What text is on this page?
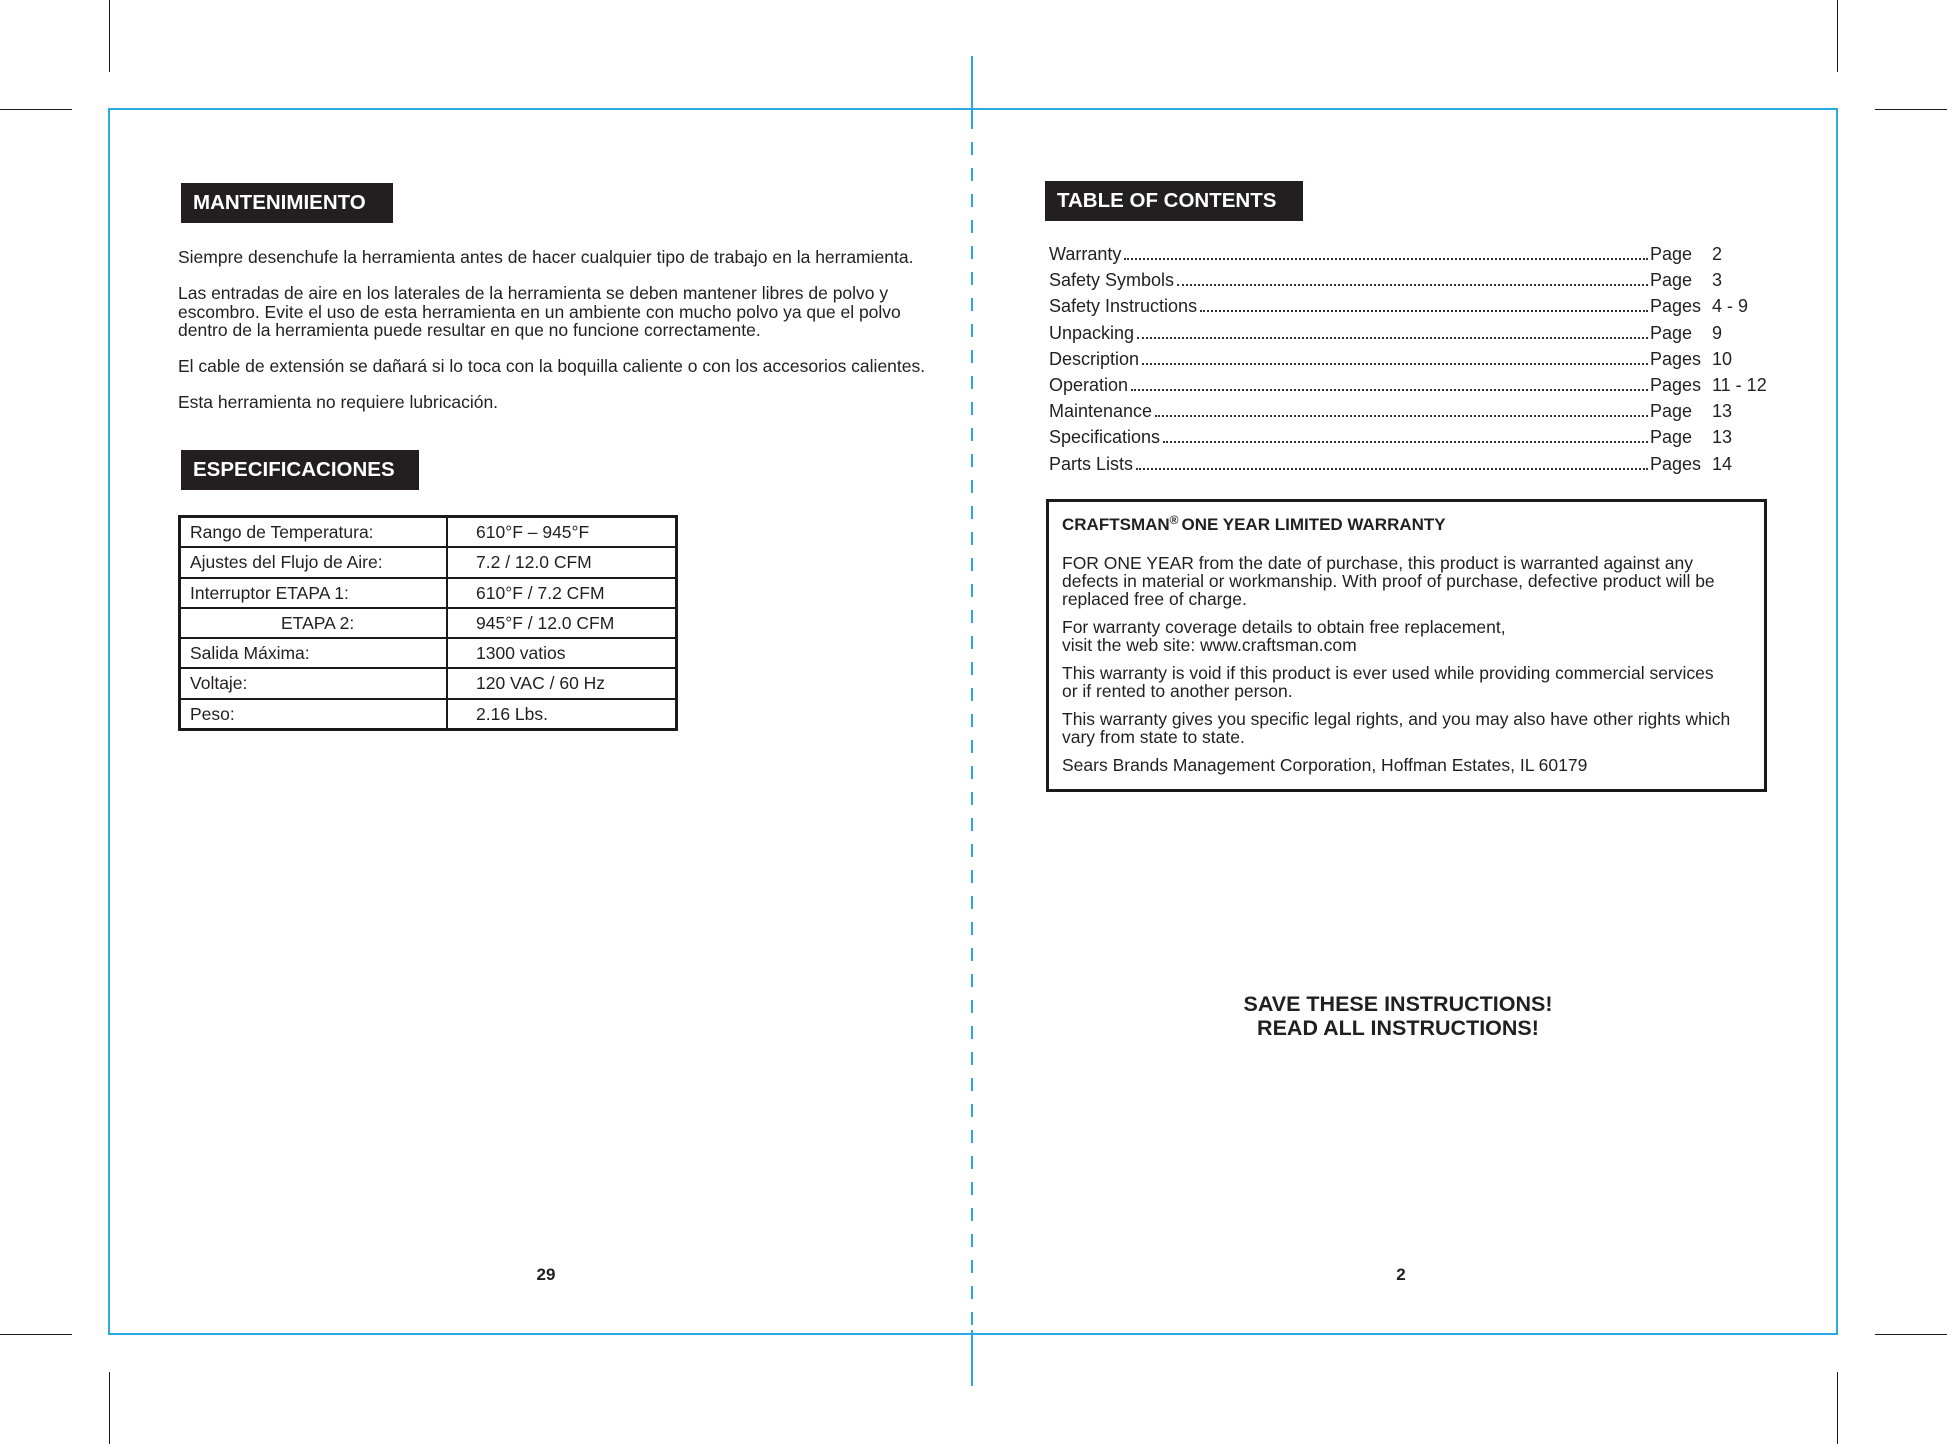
MANTENIMIENTO
Siempre desenchufe la herramienta antes de hacer cualquier tipo de trabajo en la herramienta.
Las entradas de aire en los laterales de la herramienta se deben mantener libres de polvo y
escombro. Evite el uso de esta herramienta en un ambiente con mucho polvo ya que el polvo
dentro de la herramienta puede resultar en que no funcione correctamente.
El cable de extensión se dañará si lo toca con la boquilla caliente o con los accesorios calientes.
Esta herramienta no requiere lubricación.
ESPECIFICACIONES
Rango de Temperatura:	610°F – 945°F
Ajustes del Flujo de Aire:	7.2 / 12.0 CFM
Interruptor ETAPA 1:	610°F / 7.2 CFM
ETAPA 2:	945°F / 12.0 CFM
Salida Máxima:	1300 vatios
Voltaje:	120 VAC / 60 Hz
Peso:	2.16 Lbs.
29
TABLE OF CONTENTS
Warranty	Page	2
Safety Symbols	Page	3
Safety Instructions	Pages 4 - 9
Unpacking	Page	9
Description	Pages 10
Operation	Pages 11 - 12
Maintenance	Page	13
Specifications	Page	13
Parts Lists	Pages 14
CRAFTSMAN® ONE YEAR LIMITED WARRANTY
FOR ONE YEAR from the date of purchase, this product is warranted against any
defects in material or workmanship. With proof of purchase, defective product will be
replaced free of charge.
For warranty coverage details to obtain free replacement,
visit the web site: www.craftsman.com
This warranty is void if this product is ever used while providing commercial services
or if rented to another person.
This warranty gives you specific legal rights, and you may also have other rights which
vary from state to state.
Sears Brands Management Corporation, Hoffman Estates, IL 60179
SAVE THESE INSTRUCTIONS!
READ ALL INSTRUCTIONS!
2
